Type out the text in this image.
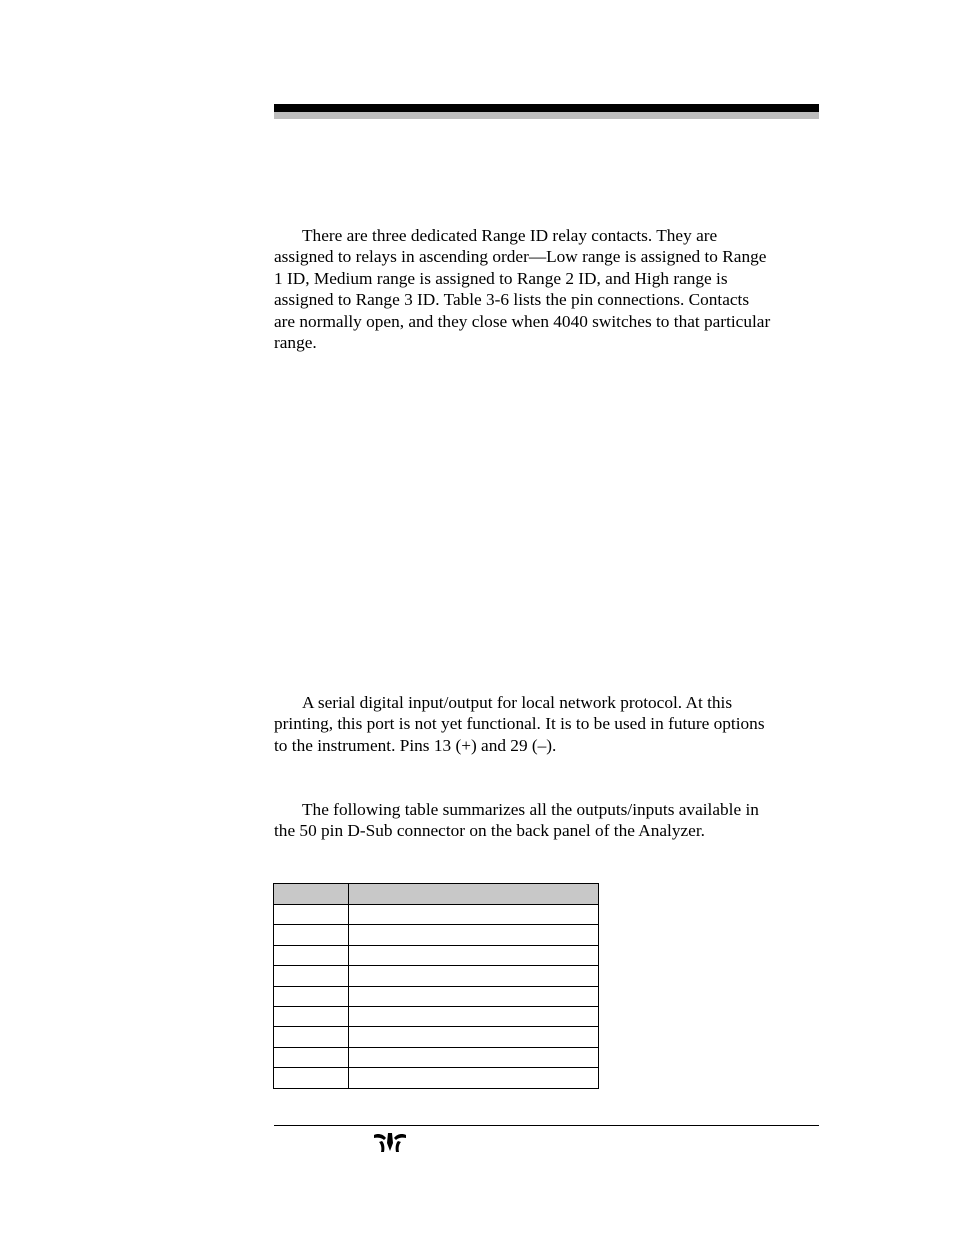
There are three dedicated Range ID relay contacts. They are
assigned to relays in ascending order—Low range is assigned to Range
1 ID, Medium range is assigned to Range 2 ID, and High range is
assigned to Range 3 ID. Table 3-6 lists the pin connections. Contacts
are normally open, and they close when 4040 switches to that particular
range.

A serial digital input/output for local network protocol. At this
printing, this port is not yet functional. It is to be used in future options
to the instrument. Pins 13 (+) and 29 (–).

The following table summarizes all the outputs/inputs available in
the 50 pin D-Sub connector on the back panel of the Analyzer.
